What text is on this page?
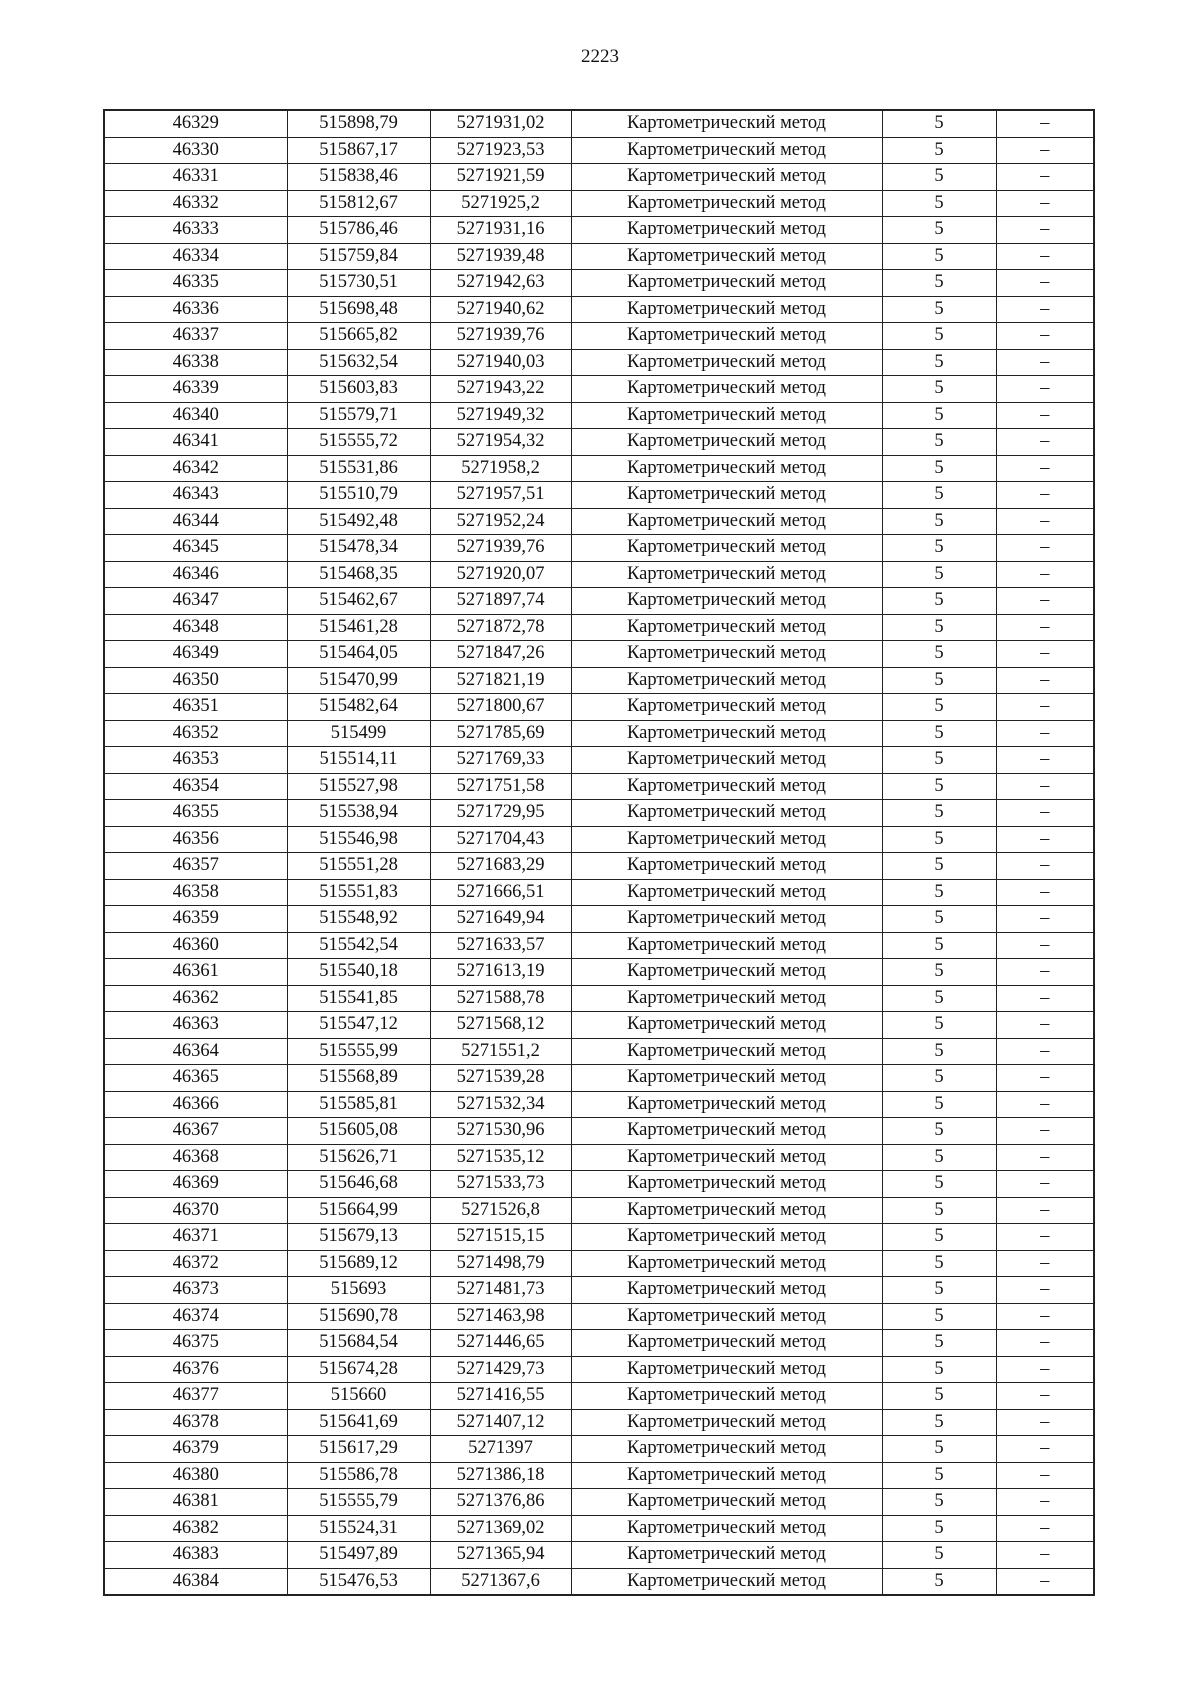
2223
46329	515898,79	5271931,02	Картометрический метод	5	–
46330	515867,17	5271923,53	Картометрический метод	5	–
46331	515838,46	5271921,59	Картометрический метод	5	–
46332	515812,67	5271925,2	Картометрический метод	5	–
46333	515786,46	5271931,16	Картометрический метод	5	–
46334	515759,84	5271939,48	Картометрический метод	5	–
46335	515730,51	5271942,63	Картометрический метод	5	–
46336	515698,48	5271940,62	Картометрический метод	5	–
46337	515665,82	5271939,76	Картометрический метод	5	–
46338	515632,54	5271940,03	Картометрический метод	5	–
46339	515603,83	5271943,22	Картометрический метод	5	–
46340	515579,71	5271949,32	Картометрический метод	5	–
46341	515555,72	5271954,32	Картометрический метод	5	–
46342	515531,86	5271958,2	Картометрический метод	5	–
46343	515510,79	5271957,51	Картометрический метод	5	–
46344	515492,48	5271952,24	Картометрический метод	5	–
46345	515478,34	5271939,76	Картометрический метод	5	–
46346	515468,35	5271920,07	Картометрический метод	5	–
46347	515462,67	5271897,74	Картометрический метод	5	–
46348	515461,28	5271872,78	Картометрический метод	5	–
46349	515464,05	5271847,26	Картометрический метод	5	–
46350	515470,99	5271821,19	Картометрический метод	5	–
46351	515482,64	5271800,67	Картометрический метод	5	–
46352	515499	5271785,69	Картометрический метод	5	–
46353	515514,11	5271769,33	Картометрический метод	5	–
46354	515527,98	5271751,58	Картометрический метод	5	–
46355	515538,94	5271729,95	Картометрический метод	5	–
46356	515546,98	5271704,43	Картометрический метод	5	–
46357	515551,28	5271683,29	Картометрический метод	5	–
46358	515551,83	5271666,51	Картометрический метод	5	–
46359	515548,92	5271649,94	Картометрический метод	5	–
46360	515542,54	5271633,57	Картометрический метод	5	–
46361	515540,18	5271613,19	Картометрический метод	5	–
46362	515541,85	5271588,78	Картометрический метод	5	–
46363	515547,12	5271568,12	Картометрический метод	5	–
46364	515555,99	5271551,2	Картометрический метод	5	–
46365	515568,89	5271539,28	Картометрический метод	5	–
46366	515585,81	5271532,34	Картометрический метод	5	–
46367	515605,08	5271530,96	Картометрический метод	5	–
46368	515626,71	5271535,12	Картометрический метод	5	–
46369	515646,68	5271533,73	Картометрический метод	5	–
46370	515664,99	5271526,8	Картометрический метод	5	–
46371	515679,13	5271515,15	Картометрический метод	5	–
46372	515689,12	5271498,79	Картометрический метод	5	–
46373	515693	5271481,73	Картометрический метод	5	–
46374	515690,78	5271463,98	Картометрический метод	5	–
46375	515684,54	5271446,65	Картометрический метод	5	–
46376	515674,28	5271429,73	Картометрический метод	5	–
46377	515660	5271416,55	Картометрический метод	5	–
46378	515641,69	5271407,12	Картометрический метод	5	–
46379	515617,29	5271397	Картометрический метод	5	–
46380	515586,78	5271386,18	Картометрический метод	5	–
46381	515555,79	5271376,86	Картометрический метод	5	–
46382	515524,31	5271369,02	Картометрический метод	5	–
46383	515497,89	5271365,94	Картометрический метод	5	–
46384	515476,53	5271367,6	Картометрический метод	5	–
